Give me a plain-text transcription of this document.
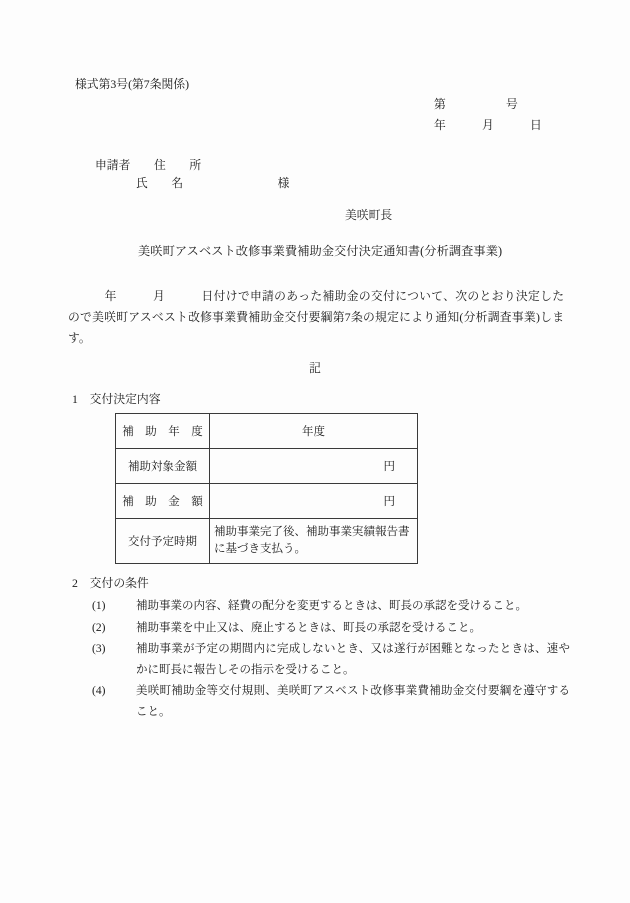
様式第3号(第7条関係)
第　　　　　号
年　　　月　　　日
申請者　　住　　所
氏　　名　　　　　　　　様
美咲町長
美咲町アスベスト改修事業費補助金交付決定通知書(分析調査事業)
年　　　月　　　日付けで申請のあった補助金の交付について、次のとおり決定したので美咲町アスベスト改修事業費補助金交付要綱第7条の規定により通知(分析調査事業)します。
記
1　 交付決定内容
補　助　年　度	年度
補助対象金額	円
補　助　金　額	円
交付予定時期	補助事業完了後、補助事業実績報告書
に基づき支払う。
2　 交付の条件
(1)	補助事業の内容、経費の配分を変更するときは、町長の承認を受けること。
(2)	補助事業を中止又は、廃止するときは、町長の承認を受けること。
(3)	補助事業が予定の期間内に完成しないとき、又は遂行が困難となったときは、速やかに町長に報告しその指示を受けること。
(4)	美咲町補助金等交付規則、美咲町アスベスト改修事業費補助金交付要綱を遵守すること。
